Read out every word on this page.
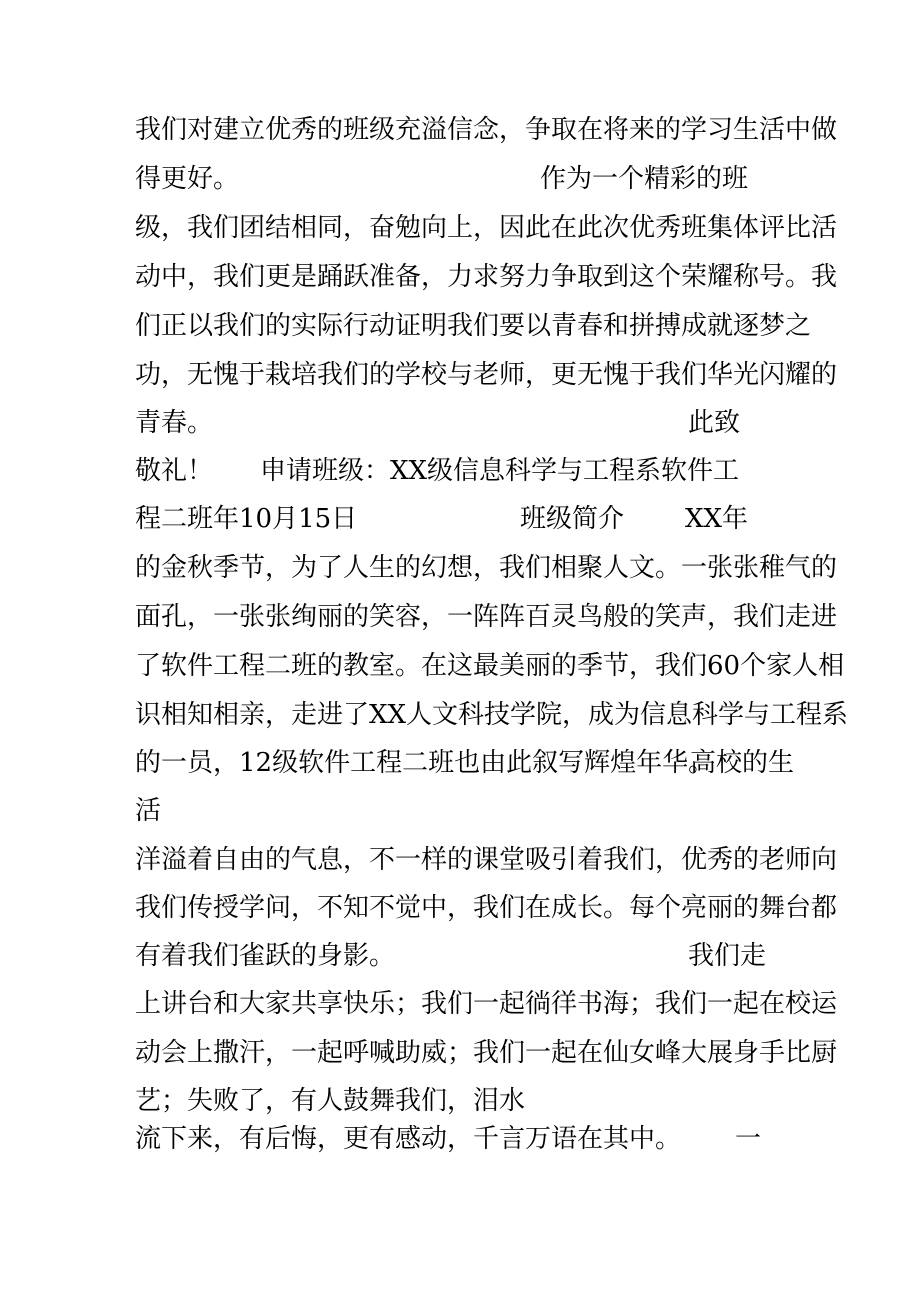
我们对建立优秀的班级充溢信念，争取在将来的学习生活中做
得更好。	作为一个精彩的班
级，我们团结相同，奋勉向上，因此在此次优秀班集体评比活
动中，我们更是踊跃准备，力求努力争取到这个荣耀称号。我
们正以我们的实际行动证明我们要以青春和拼搏成就逐梦之
功，无愧于栽培我们的学校与老师，更无愧于我们华光闪耀的
青春。	此致
敬礼！ 申请班级：XX级信息科学与工程系软件工
程二班年10月15日	班级简介 XX年
的金秋季节，为了人生的幻想，我们相聚人文。一张张稚气的
面孔，一张张绚丽的笑容，一阵阵百灵鸟般的笑声，我们走进
了软件工程二班的教室。在这最美丽的季节，我们60个家人相
识相知相亲，走进了XX人文科技学院，成为信息科学与工程系
的一员，12级软件工程二班也由此叙写辉煌年华。
高校的生
活
洋溢着自由的气息，不一样的课堂吸引着我们，优秀的老师向
我们传授学问，不知不觉中，我们在成长。每个亮丽的舞台都
有着我们雀跃的身影。	我们走
上讲台和大家共享快乐；我们一起徜徉书海；我们一起在校运
动会上撒汗，一起呼喊助威；我们一起在仙女峰大展身手比厨
艺；失败了，有人鼓舞我们，泪水
流下来，有后悔，更有感动，千言万语在其中。 一
